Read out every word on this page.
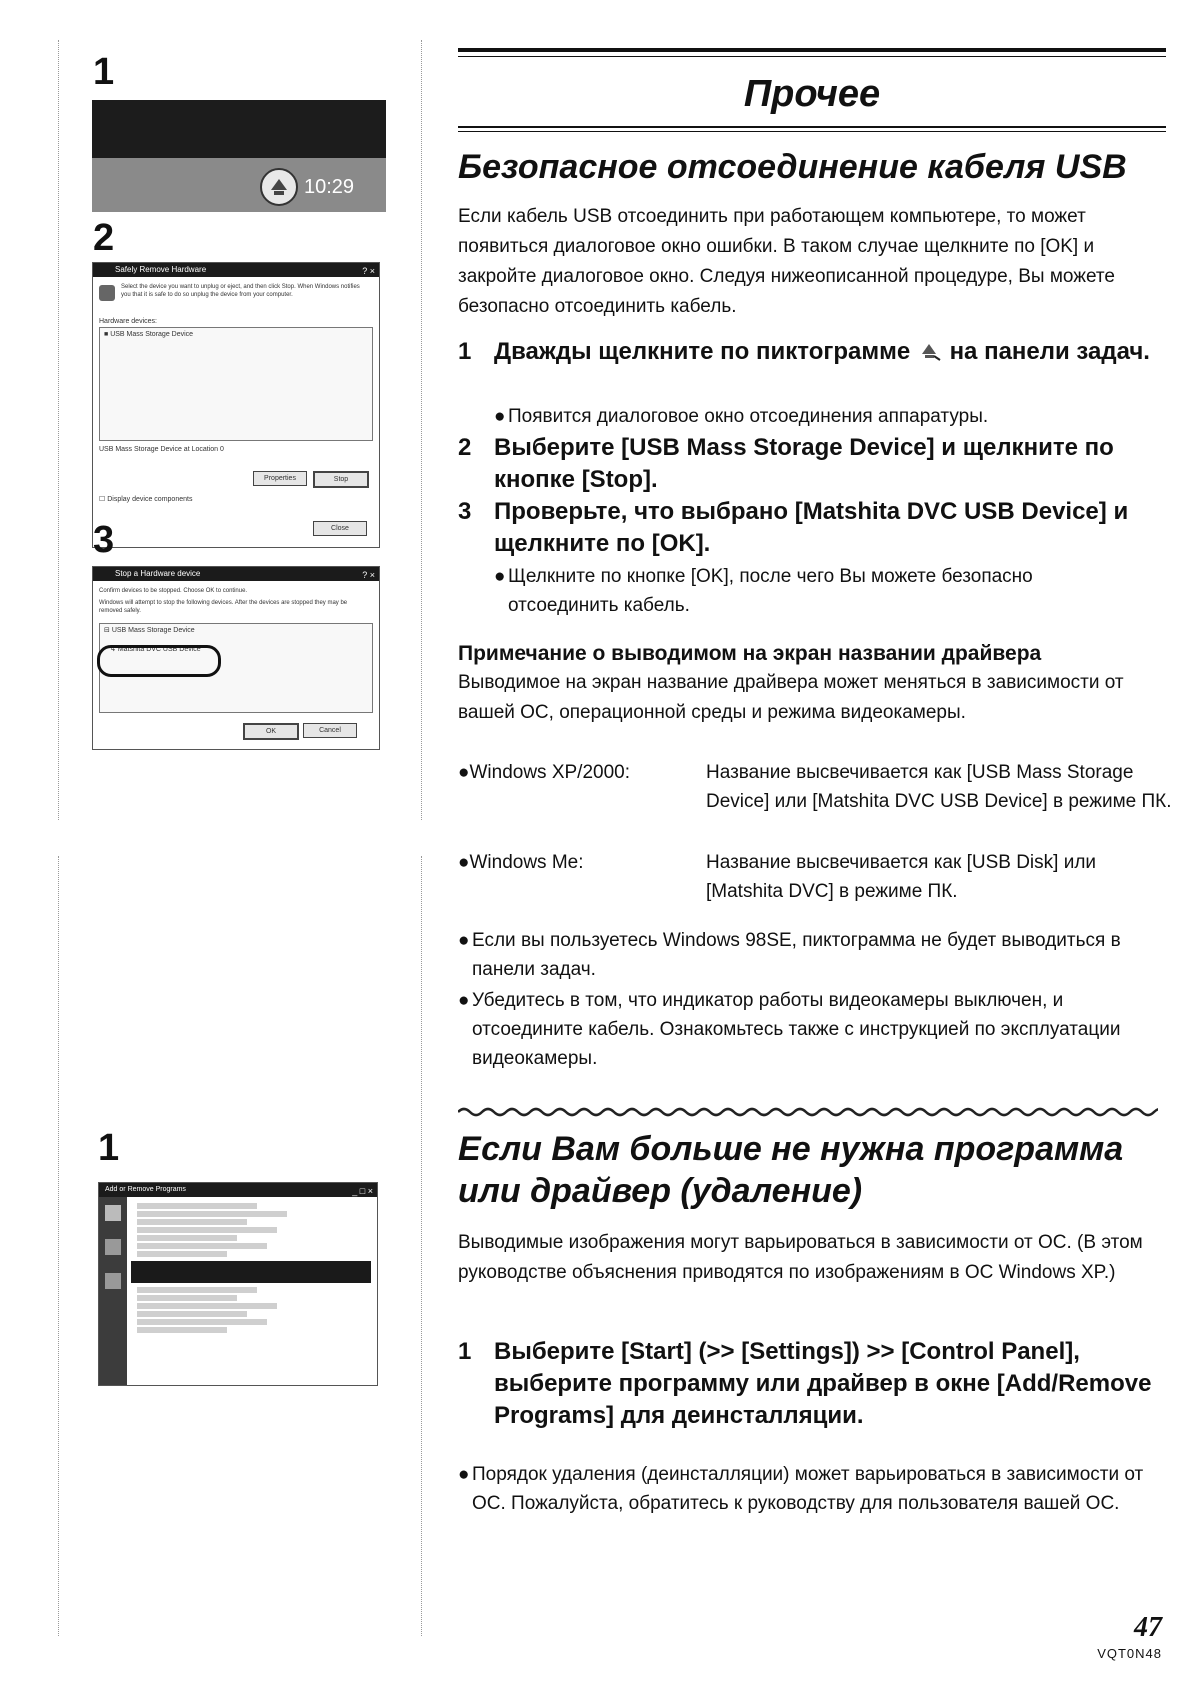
1
10:29
2
Safely Remove Hardware	? ×
Select the device you want to unplug or eject, and then click Stop. When Windows notifies you that it is safe to do so unplug the device from your computer.
Hardware devices:
■ USB Mass Storage Device
USB Mass Storage Device at Location 0
Properties	Stop
☐ Display device components
Close
3
Stop a Hardware device	? ×
Confirm devices to be stopped. Choose OK to continue.
Windows will attempt to stop the following devices. After the devices are stopped they may be removed safely.
⊟ USB Mass Storage Device
↳ Matshita DVC USB Device
OK	Cancel
1
Add or Remove Programs	_ □ ×
Прочее
Безопасное отсоединение кабеля USB

Если кабель USB отсоединить при работающем компьютере, то может появиться диалоговое окно ошибки. В таком случае щелкните по [OK] и закройте диалоговое окно. Следуя нижеописанной процедуре, Вы можете безопасно отсоединить кабель.

1 Дважды щелкните по пиктограмме на панели задач.
● Появится диалоговое окно отсоединения аппаратуры.
2 Выберите [USB Mass Storage Device] и щелкните по кнопке [Stop].
3 Проверьте, что выбрано [Matshita DVC USB Device] и щелкните по [OK].
● Щелкните по кнопке [OK], после чего Вы можете безопасно отсоединить кабель.
Примечание о выводимом на экран названии драйвера

Выводимое на экран название драйвера может меняться в зависимости от вашей ОС, операционной среды и режима видеокамеры.

●Windows XP/2000:	Название высвечивается как [USB Mass Storage Device] или [Matshita DVC USB Device] в режиме ПК.
●Windows Me:	Название высвечивается как [USB Disk] или [Matshita DVC] в режиме ПК.
● Если вы пользуетесь Windows 98SE, пиктограмма не будет выводиться в панели задач.
● Убедитесь в том, что индикатор работы видеокамеры выключен, и отсоедините кабель. Ознакомьтесь также с инструкцией по эксплуатации видеокамеры.
Если Вам больше не нужна программа или драйвер (удаление)

Выводимые изображения могут варьироваться в зависимости от ОС. (В этом руководстве объяснения приводятся по изображениям в ОС Windows XP.)

1 Выберите [Start] (>> [Settings]) >> [Control Panel], выберите программу или драйвер в окне [Add/Remove Programs] для деинсталляции.
● Порядок удаления (деинсталляции) может варьироваться в зависимости от ОС. Пожалуйста, обратитесь к руководству для пользователя вашей ОС.
47
VQT0N48
